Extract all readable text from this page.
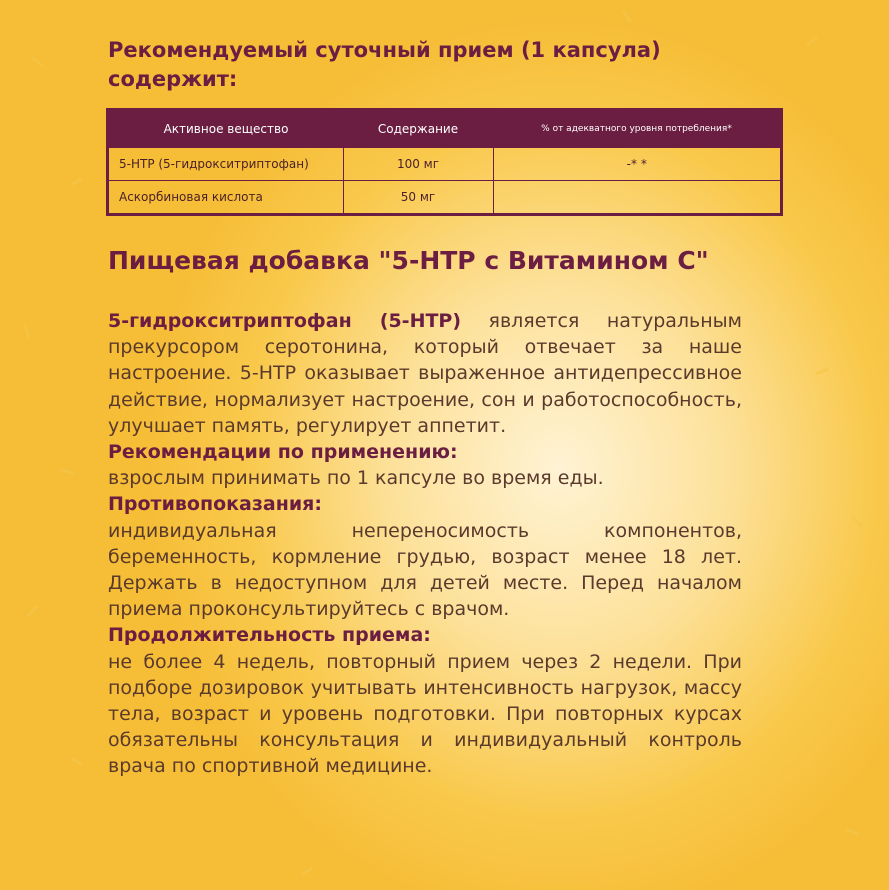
Рекомендуемый суточный прием (1 капсула) содержит:
Активное вещество	Содержание	% от адекватного уровня потребления*
5-HTP (5-гидрокситриптофан)	100 мг	-* *
Аскорбиновая кислота	50 мг	
Пищевая добавка "5-HTP с Витамином С"

5-гидрокситриптофан (5-HTP) является натуральным прекурсором серотонина, который отвечает за наше настроение. 5-HTP оказывает выраженное антидепрессивное действие, нормализует настроение, сон и работоспособность, улучшает память, регулирует аппетит.

Рекомендации по применению:

взрослым принимать по 1 капсуле во время еды.

Противопоказания:

индивидуальная непереносимость компонентов, беременность, кормление грудью, возраст менее 18 лет. Держать в недоступном для детей месте. Перед началом приема проконсультируйтесь с врачом.

Продолжительность приема:

не более 4 недель, повторный прием через 2 недели. При подборе дозировок учитывать интенсивность нагрузок, массу тела, возраст и уровень подготовки. При повторных курсах обязательны консультация и индивидуальный контроль врача по спортивной медицине.
